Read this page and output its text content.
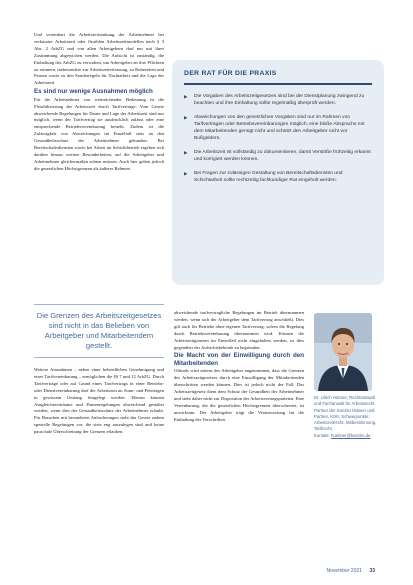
Und vereinbart die Arbeitszeitsenkung der Arbeitnehmer bei verkürzter Arbeitszeit oder flexiblen Arbeitszeitmodellen nach § 3 Abs. 2 ArbZG und von allen Arbeitgebern darf nur mit ihrer Zustimmung abgewichen werden. Die Aufsicht ist zuständig, die Einhaltung des ArbZG zu verwalten, um Arbeitgeber an ihre Pflichten zu erinnern, insbesondere zur Arbeitszeiterfassung, zu Ruhezeiten und Pausen sowie zu den Sonderregeln für Nachtarbeit und die Lage der Arbeitszeit.

Es sind nur wenige Ausnahmen möglich

Für die Arbeitnehmer von weitreichender Bedeutung ist die Flexibilisierung der Arbeitszeit durch Tarifverträge. Vom Gesetz abweichende Regelungen für Dauer und Lage der Arbeitszeit sind nur möglich, wenn der Tarifvertrag sie ausdrücklich zulässt oder eine entsprechende Betriebsvereinbarung besteht. Zudem ist die Zulässigkeit von Abweichungen im Einzelfall stets an den Gesundheitsschutz der Arbeitnehmer gebunden. Bei Bereitschaftsdiensten sowie bei Arbeit im Schichtbetrieb ergeben sich darüber hinaus weitere Besonderheiten, auf die Arbeitgeber und Arbeitnehmer gleichermaßen achten müssen. Auch hier gelten jedoch die gesetzlichen Höchstgrenzen als äußerer Rahmen.

Die Grenzen des Arbeitszeitgesetzes sind nicht in das Belieben von Arbeitgeber und Mitarbeitendem gestellt.

Weitere Ausnahmen – neben einer behördlichen Genehmigung und einer Tarifvereinbarung – ermöglichen die §§ 7 und 12 ArbZG. Durch Tarifverträge oder auf Grund eines Tarifvertrags in einer Betriebs- oder Dienstvereinbarung darf die Arbeitszeit an Sonn- und Feiertagen in gewissem Umfang festgelegt werden. Ebenso können Ausgleichszeiträume und Pausenregelungen abweichend gestaltet werden, wenn dies der Gesundheitsschutz der Arbeitnehmer erlaubt. Für Branchen mit besonderen Anforderungen sieht das Gesetz zudem spezielle Regelungen vor, die stets eng auszulegen sind und keine pauschale Überschreitung der Grenzen erlauben.

DER RAT FÜR DIE PRAXIS
▶ Die Vorgaben des Arbeitszeitgesetzes sind bei der Dienstplanung zwingend zu beachten und ihre Einhaltung sollte regelmäßig überprüft werden.
▶ Abweichungen von den gesetzlichen Vorgaben sind nur im Rahmen von Tarifverträgen oder Betriebsvereinbarungen möglich; eine bloße Absprache mit dem Mitarbeitenden genügt nicht und schützt den Arbeitgeber nicht vor Bußgeldern.
▶ Die Arbeitszeit ist vollständig zu dokumentieren, damit Verstöße frühzeitig erkannt und korrigiert werden können.
▶ Bei Fragen zur zulässigen Gestaltung von Bereitschaftsdiensten und Schichtarbeit sollte rechtzeitig fachkundiger Rat eingeholt werden.

abweichende tarifvertragliche Regelungen im Betrieb übernommen werden, wenn sich der Arbeitgeber dem Tarifvertrag anschließt. Dies gilt auch für Betriebe ohne eigenen Tarifvertrag, sofern die Regelung durch Betriebsvereinbarung übernommen wird. Können die Arbeitszeitgrenzen im Einzelfall nicht eingehalten werden, ist dies gegenüber der Aufsichtsbehörde zu begründen.

Die Macht von der Einwilligung durch den Mitarbeitenden

Oftmals wird seitens der Arbeitgeber angenommen, dass die Grenzen des Arbeitszeitgesetzes durch eine Einwilligung der Mitarbeitenden überschritten werden können. Dies ist jedoch nicht der Fall. Das Arbeitszeitgesetz dient dem Schutz der Gesundheit der Arbeitnehmer und steht daher nicht zur Disposition der Arbeitsvertragsparteien. Eine Vereinbarung, die die gesetzlichen Höchstgrenzen überschreitet, ist unwirksam. Der Arbeitgeber trägt die Verantwortung für die Einhaltung der Vorschriften.

Dr. Ulrich Hübner, Rechtsanwalt und Fachanwalt für Arbeitsrecht, Partner der Kanzlei Hübner und Partner, Köln; Schwerpunkte: Arbeitszeitrecht, Mitbestimmung, Tarifrecht.
Kontakt: huebner@kanzlei.de
November 2021 33
